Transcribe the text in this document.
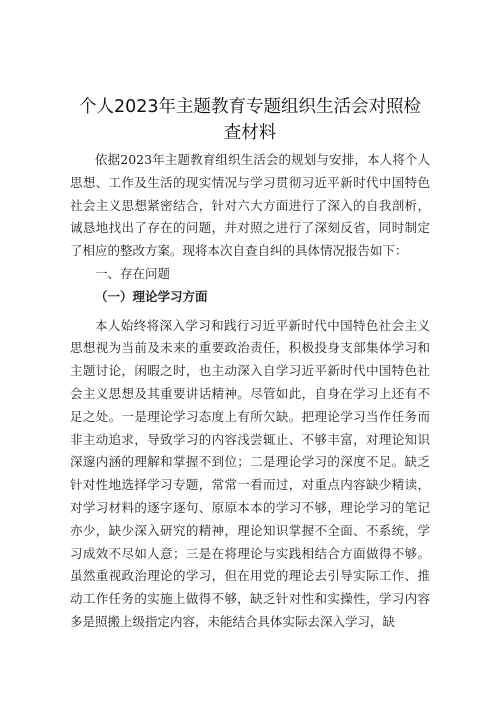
个人2023年主题教育专题组织生活会对照检
查材料

依据2023年主题教育组织生活会的规划与安排，本人将个人思想、工作及生活的现实情况与学习贯彻习近平新时代中国特色社会主义思想紧密结合，针对六大方面进行了深入的自我剖析，诚恳地找出了存在的问题，并对照之进行了深刻反省，同时制定了相应的整改方案。现将本次自查自纠的具体情况报告如下：

一、存在问题

（一）理论学习方面

本人始终将深入学习和践行习近平新时代中国特色社会主义思想视为当前及未来的重要政治责任，积极投身支部集体学习和主题讨论，闲暇之时，也主动深入自学习近平新时代中国特色社会主义思想及其重要讲话精神。尽管如此，自身在学习上还有不足之处。一是理论学习态度上有所欠缺。把理论学习当作任务而非主动追求，导致学习的内容浅尝辄止、不够丰富，对理论知识深邃内涵的理解和掌握不到位；二是理论学习的深度不足。缺乏针对性地选择学习专题，常常一看而过，对重点内容缺少精读，对学习材料的逐字逐句、原原本本的学习不够，理论学习的笔记亦少，缺少深入研究的精神，理论知识掌握不全面、不系统，学习成效不尽如人意；三是在将理论与实践相结合方面做得不够。虽然重视政治理论的学习，但在用党的理论去引导实际工作、推动工作任务的实施上做得不够，缺乏针对性和实操性，学习内容多是照搬上级指定内容，未能结合具体实际去深入学习，缺
